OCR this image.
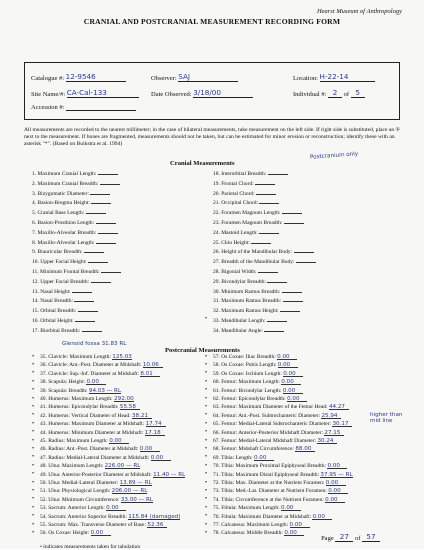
Hearst Museum of Anthropology
CRANIAL AND POSTCRANIAL MEASUREMENT RECORDING FORM
Catalogue #: 12-9546	Observer: SAJ	Location: H-22-14
Site Name/#: CA-Cal-133	Date Observed: 3/18/00	Individual #: 2 of 5
Accession #:
All measurements are recorded to the nearest millimeter; in the case of bilateral measurements, take measurement on the left side. If right side is substituted, place an ® next to the measurement. If bones are fragmented, measurements should not be taken, but can be estimated for minor erosion or reconstruction; identify these with an asterisk "*". (Based on Buikstra et al. 1994)
Cranial Measurements
1. Maximum Cranial Length:
2. Maximum Cranial Breadth:
3. Bizygomatic Diameter:
4. Basion-Bregma Height:
5. Cranial Base Length:
6. Basion-Prosthion Length:
7. Maxillo-Alveolar Breadth:
8. Maxillo-Alveolar Length:
9. Biauricular Breadth:
10. Upper Facial Height:
11. Minimum Frontal Breadth:
12. Upper Facial Breadth:
13. Nasal Height:
14. Nasal Breadth:
15. Orbital Breadth:
16. Orbital Height:
17. Biorbital Breadth:
18. Interorbital Breadth:
19. Frontal Chord:
20. Parietal Chord:
21. Occipital Chord:
22. Foramen Magnum Length:
23. Foramen Magnum Breadth:
24. Mastoid Length:
25. Chin Height:
26. Height of the Mandibular Body:
27. Breadth of the Mandibular Body:
28. Bigonial Width:
29. Bicondylar Breadth:
30. Minimum Ramus Breadth:
31. Maximum Ramus Breadth:
32. Maximum Ramus Height:
• 33. Mandibular Length:
34. Mandibular Angle:
Postcranium only
Postcranial Measurements
Glenoid fossa 31.83 RL
• 35. Clavicle: Maximum Length: 125.03
• 36. Clavicle: Ant.-Post. Diameter at Midshaft: 10.06
• 37. Clavicle: Sup.-Inf. Diameter at Midshaft: 8.01
• 38. Scapula: Height: 0.00
• 39. Scapula: Breadth: 94.03 — RL
• 40. Humerus: Maximum Length: 292.00
• 41. Humerus: Epicondylar Breadth: 55.58
• 42. Humerus: Vertical Diameter of Head: 38.21
• 43. Humerus: Maximum Diameter at Midshaft: 17.74
• 44. Humerus: Minimum Diameter at Midshaft: 17.18
• 45. Radius: Maximum Length: 0.00
• 46. Radius: Ant.-Post. Diameter at Midshaft: 0.00
• 47. Radius: Medial-Lateral Diameter at Midshaft: 0.00
• 48. Ulna: Maximum Length: 226.00 — RL
• 49. Ulna: Anterior-Posterior Diameter at Midshaft: 11.40 — RL
• 50. Ulna: Medial-Lateral Diameter: 13.89 — RL
• 51. Ulna: Physiological Length: 206.00 — RL
• 52. Ulna: Minimum Circumference: 33.00 — RL
• 53. Sacrum: Anterior Length: 0.00
• 54. Sacrum: Anterior Superior Breadth: 115.84 (damaged)
• 55. Sacrum: Max. Transverse Diameter of Base: 52.36
• 56. Os Coxae: Height: 0.00
• 57. Os Coxae: Iliac Breadth: 0.00
• 58. Os Coxae: Pubis Length: 0.00
• 59. Os Coxae: Ischium Length: 0.00
• 60. Femur: Maximum Length: 0.00
• 61. Femur: Bicondylar Length: 0.00
• 62. Femur: Epicondylar Breadth: 0.00
• 63. Femur: Maximum Diameter of the Femur Head: 44.27
• 64. Femur: Ant.-Post. Subtrochanteric Diameter: 25.94
• 65. Femur: Medial-Lateral Subtrochanteric Diameter: 30.17
• 66. Femur: Anterior-Posterior Midshaft Diameter: 27.15
• 67. Femur: Medial-Lateral Midshaft Diameter: 30.24
• 68. Femur: Midshaft Circumference: 88.00
• 69. Tibia: Length: 0.00
• 70. Tibia: Maximum Proximal Epiphyseal Breadth: 0.00
• 71. Tibia: Maximum Distal Epiphyseal Breadth: 37.95 — RL
• 72. Tibia: Max. Diameter at the Nutrient Foramen: 0.00
• 73. Tibia: Med.-Lat. Diameter at Nutrient Foramen: 0.00
• 74. Tibia: Circumference at the Nutrient Foramen: 0.00
• 75. Fibula: Maximum Length: 0.00
• 76. Fibula: Maximum Diameter at Midshaft: 0.00
• 77. Calcaneus: Maximum Length: 0.00
• 78. Calcaneus: Middle Breadth: 0.00
higher than mid line
Page 27 of 57
• indicates measurements taken for tabulation
